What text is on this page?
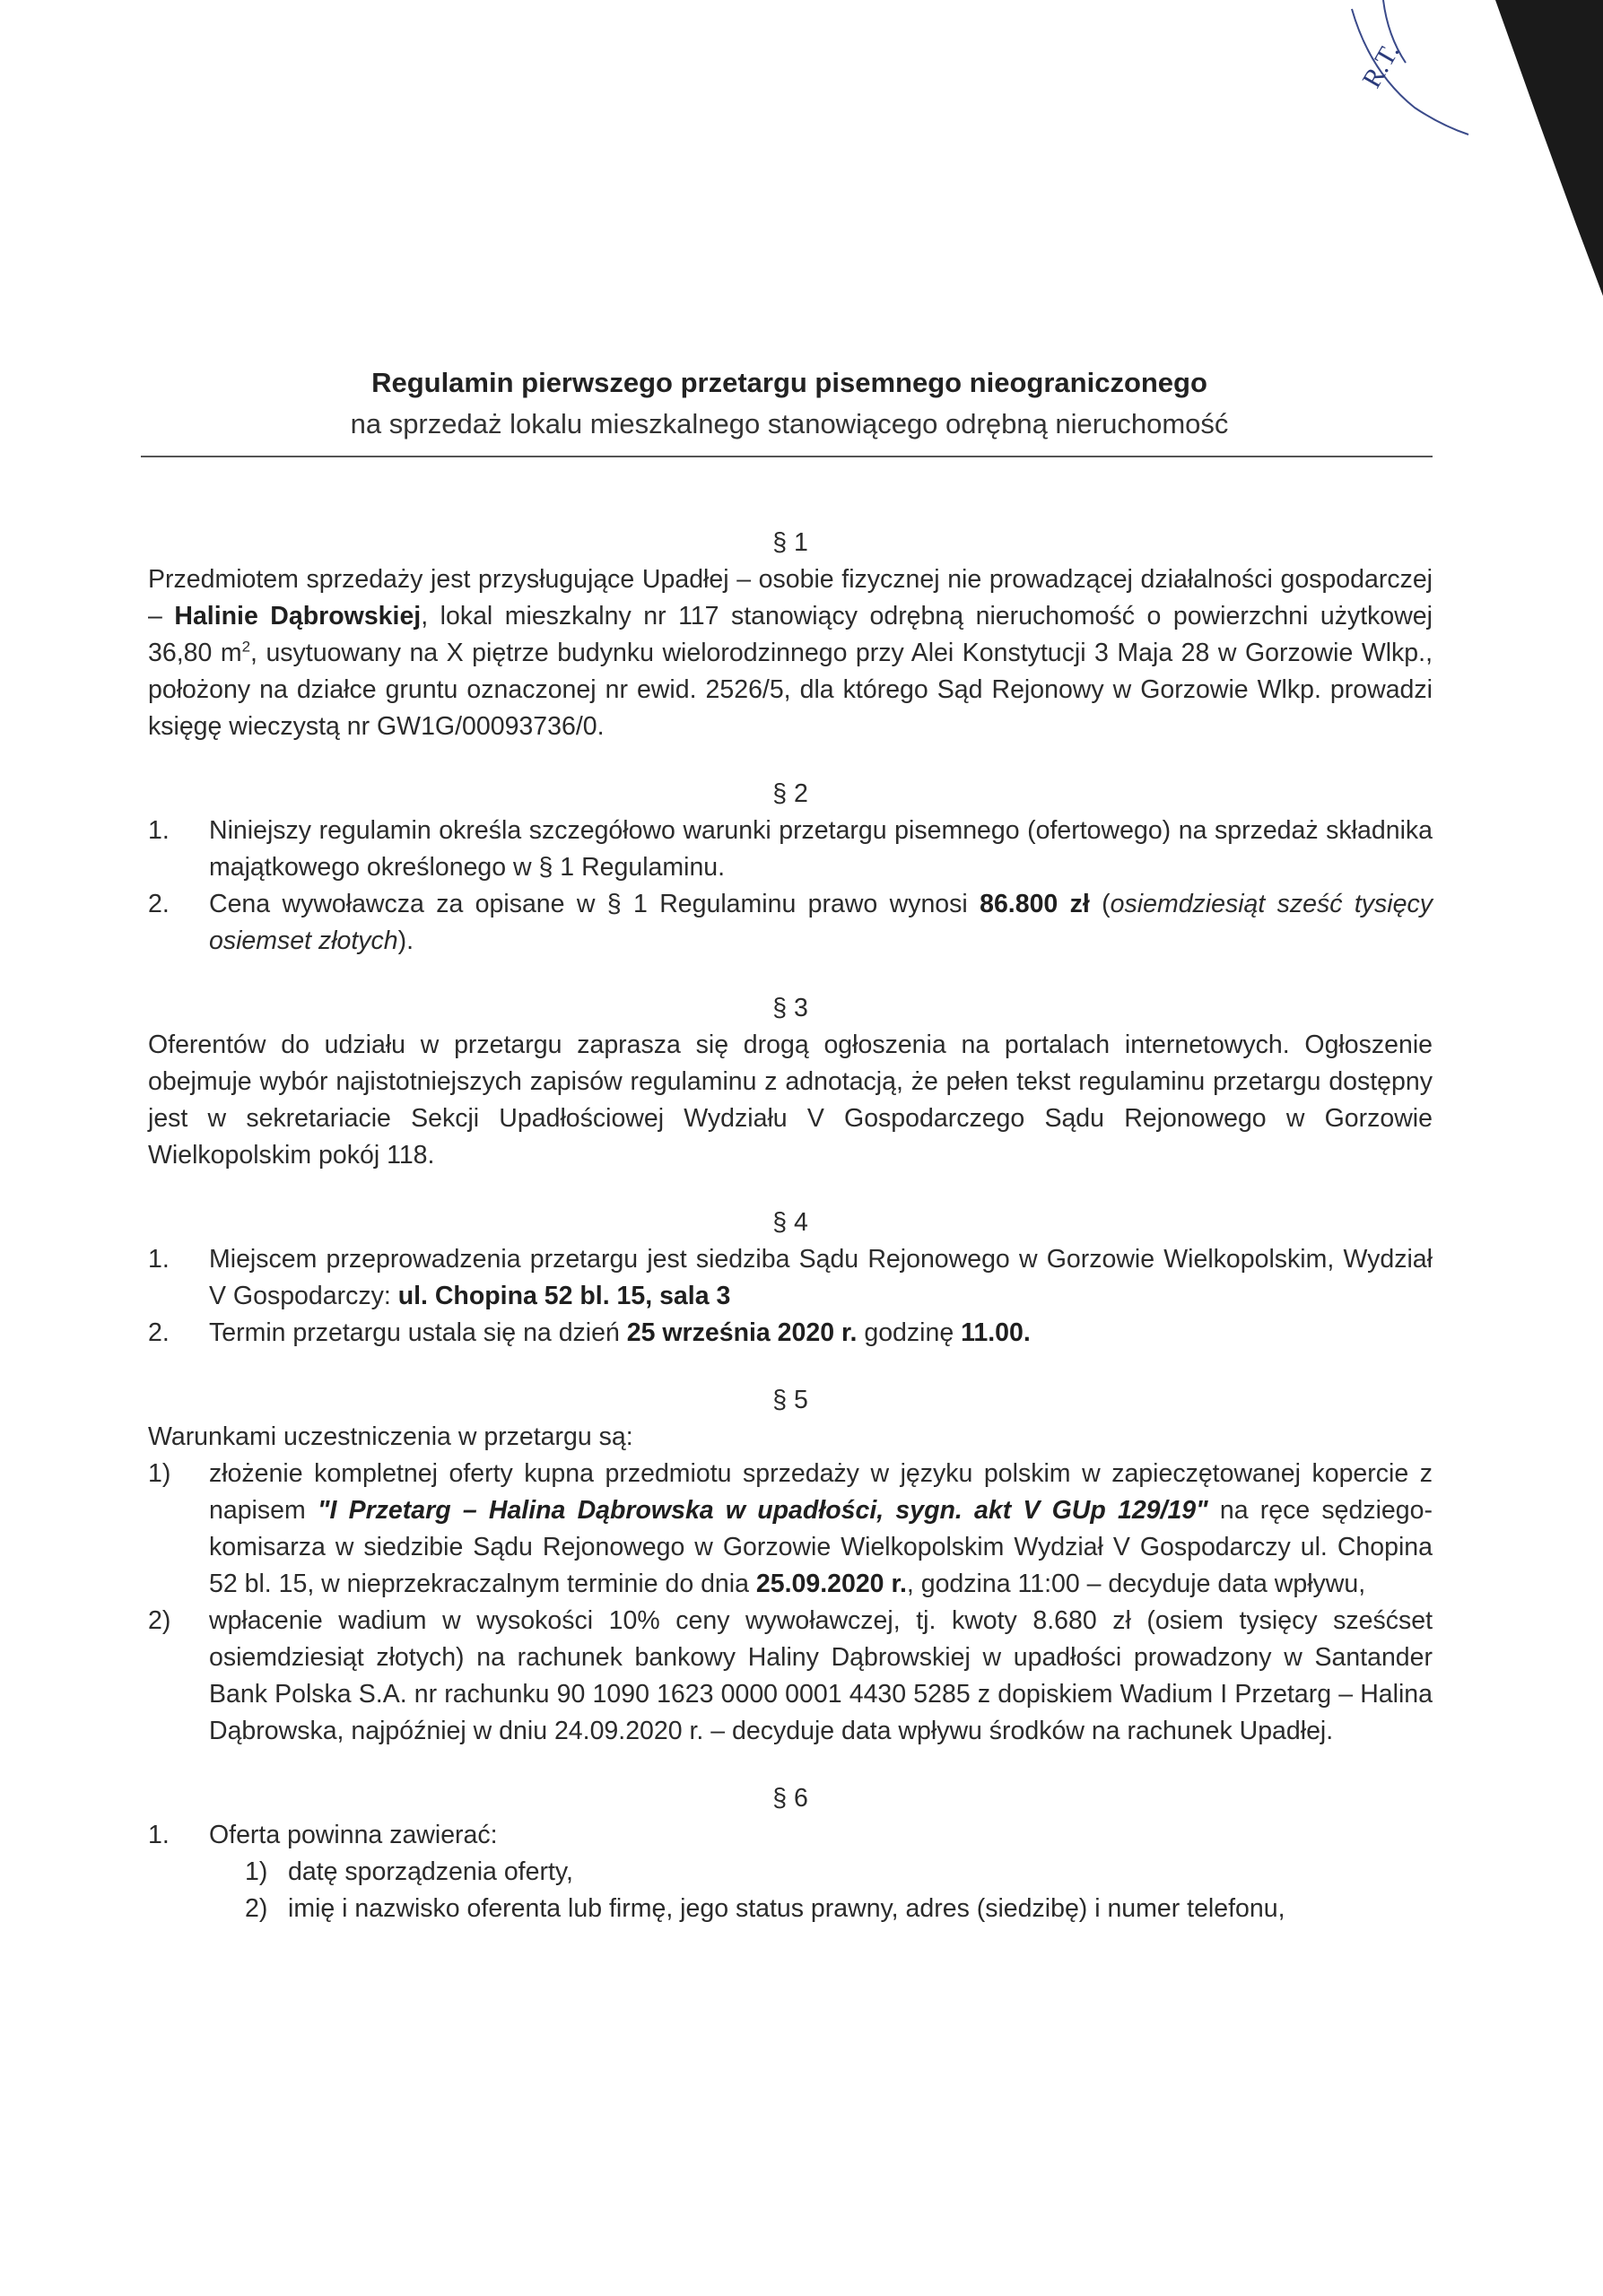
R.T.
Regulamin pierwszego przetargu pisemnego nieograniczonego
na sprzedaż lokalu mieszkalnego stanowiącego odrębną nieruchomość

§ 1

Przedmiotem sprzedaży jest przysługujące Upadłej – osobie fizycznej nie prowadzącej działalności gospodarczej – Halinie Dąbrowskiej, lokal mieszkalny nr 117 stanowiący odrębną nieruchomość o powierzchni użytkowej 36,80 $m^2$, usytuowany na X piętrze budynku wielorodzinnego przy Alei Konstytucji 3 Maja 28 w Gorzowie Wlkp., położony na działce gruntu oznaczonej nr ewid. 2526/5, dla którego Sąd Rejonowy w Gorzowie Wlkp. prowadzi księgę wieczystą nr GW1G/00093736/0.

§ 2

1.	Niniejszy regulamin określa szczegółowo warunki przetargu pisemnego (ofertowego) na sprzedaż składnika majątkowego określonego w § 1 Regulaminu.
2.	Cena wywoławcza za opisane w § 1 Regulaminu prawo wynosi 86.800 zł (osiemdziesiąt sześć tysięcy osiemset złotych).

§ 3

Oferentów do udziału w przetargu zaprasza się drogą ogłoszenia na portalach internetowych. Ogłoszenie obejmuje wybór najistotniejszych zapisów regulaminu z adnotacją, że pełen tekst regulaminu przetargu dostępny jest w sekretariacie Sekcji Upadłościowej Wydziału V Gospodarczego Sądu Rejonowego w Gorzowie Wielkopolskim pokój 118.

§ 4

1.	Miejscem przeprowadzenia przetargu jest siedziba Sądu Rejonowego w Gorzowie Wielkopolskim, Wydział V Gospodarczy: ul. Chopina 52 bl. 15, sala 3
2.	Termin przetargu ustala się na dzień 25 września 2020 r. godzinę 11.00.

§ 5

Warunkami uczestniczenia w przetargu są:

1)	złożenie kompletnej oferty kupna przedmiotu sprzedaży w języku polskim w zapieczętowanej kopercie z napisem "I Przetarg – Halina Dąbrowska w upadłości, sygn. akt V GUp 129/19" na ręce sędziego-komisarza w siedzibie Sądu Rejonowego w Gorzowie Wielkopolskim Wydział V Gospodarczy ul. Chopina 52 bl. 15, w nieprzekraczalnym terminie do dnia 25.09.2020 r., godzina 11:00 – decyduje data wpływu,
2)	wpłacenie wadium w wysokości 10% ceny wywoławczej, tj. kwoty 8.680 zł (osiem tysięcy sześćset osiemdziesiąt złotych) na rachunek bankowy Haliny Dąbrowskiej w upadłości prowadzony w Santander Bank Polska S.A. nr rachunku 90 1090 1623 0000 0001 4430 5285 z dopiskiem Wadium I Przetarg – Halina Dąbrowska, najpóźniej w dniu 24.09.2020 r. – decyduje data wpływu środków na rachunek Upadłej.

§ 6

1.	Oferta powinna zawierać:
1) datę sporządzenia oferty,
2) imię i nazwisko oferenta lub firmę, jego status prawny, adres (siedzibę) i numer telefonu,
